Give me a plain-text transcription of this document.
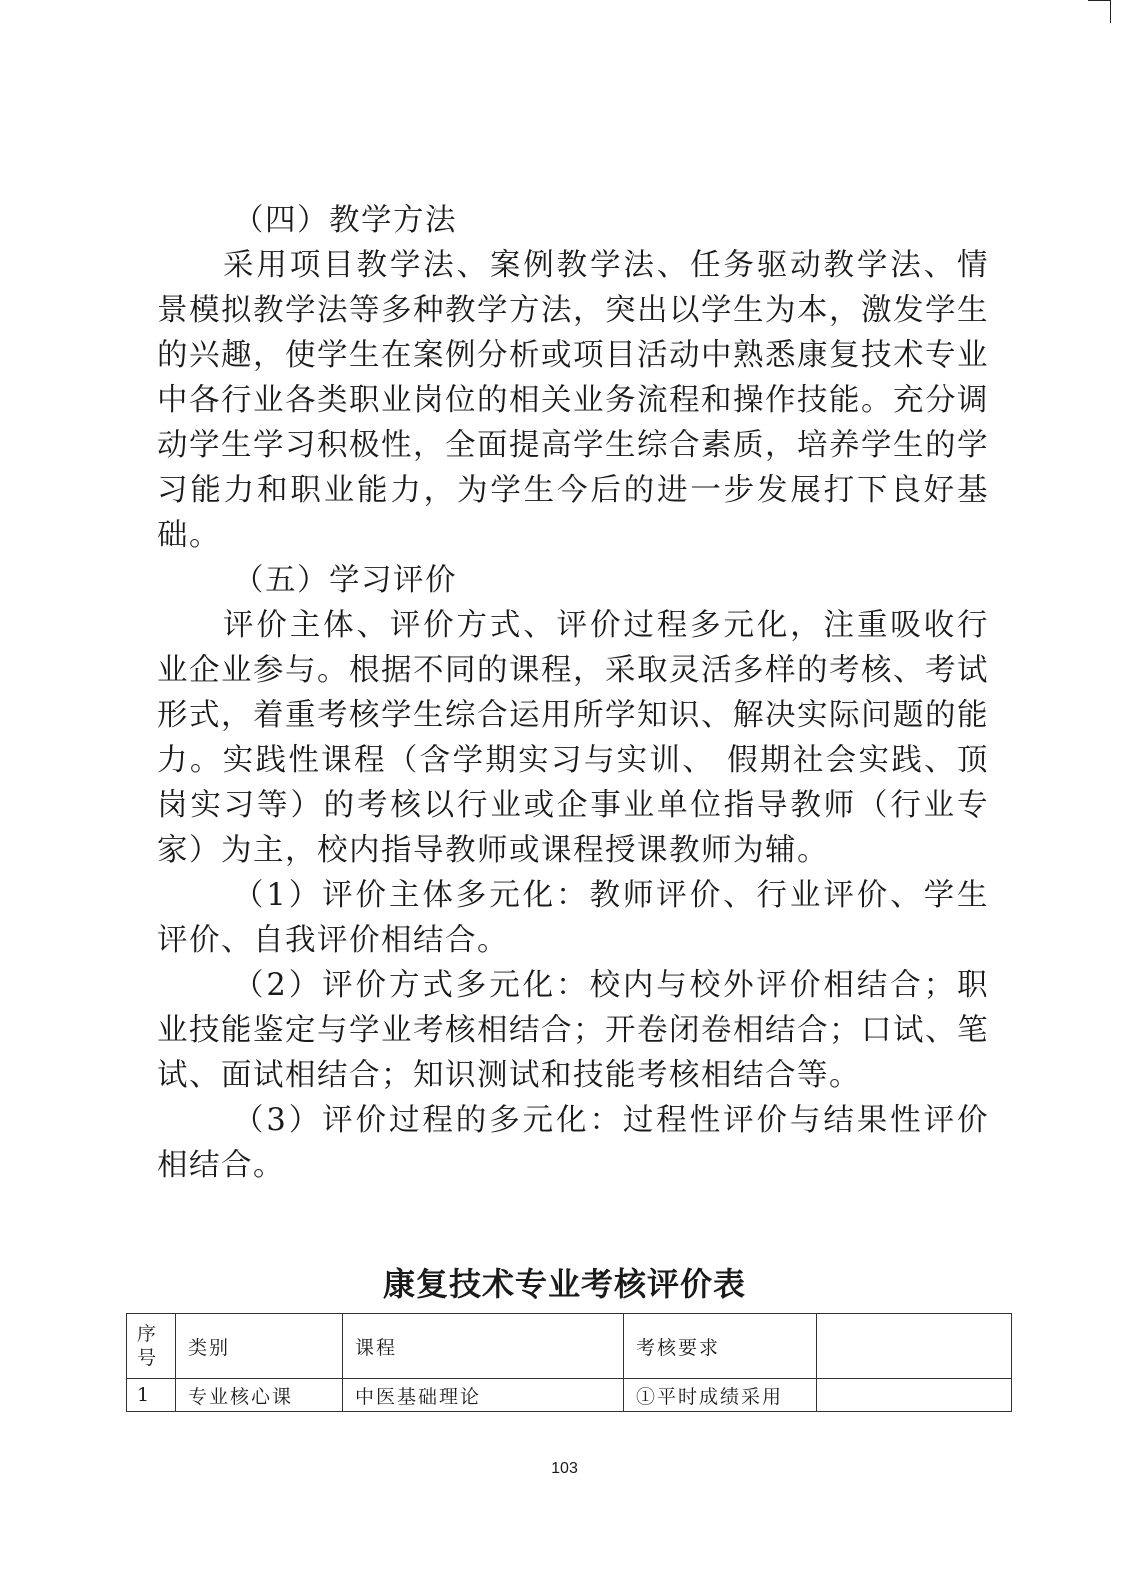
（四）教学方法

采用项目教学法、案例教学法、任务驱动教学法、情景模拟教学法等多种教学方法，突出以学生为本，激发学生的兴趣，使学生在案例分析或项目活动中熟悉康复技术专业中各行业各类职业岗位的相关业务流程和操作技能。充分调动学生学习积极性，全面提高学生综合素质，培养学生的学习能力和职业能力，为学生今后的进一步发展打下良好基础。

（五）学习评价

评价主体、评价方式、评价过程多元化，注重吸收行业企业参与。根据不同的课程，采取灵活多样的考核、考试形式，着重考核学生综合运用所学知识、解决实际问题的能力。实践性课程（含学期实习与实训、 假期社会实践、顶岗实习等）的考核以行业或企事业单位指导教师（行业专家）为主，校内指导教师或课程授课教师为辅。

（1）评价主体多元化：教师评价、行业评价、学生评价、自我评价相结合。

（2）评价方式多元化：校内与校外评价相结合；职业技能鉴定与学业考核相结合；开卷闭卷相结合；口试、笔试、面试相结合；知识测试和技能考核相结合等。

（3）评价过程的多元化：过程性评价与结果性评价相结合。

康复技术专业考核评价表
序号	类别	课程	考核要求	
1	专业核心课	中医基础理论	①平时成绩采用	
103
